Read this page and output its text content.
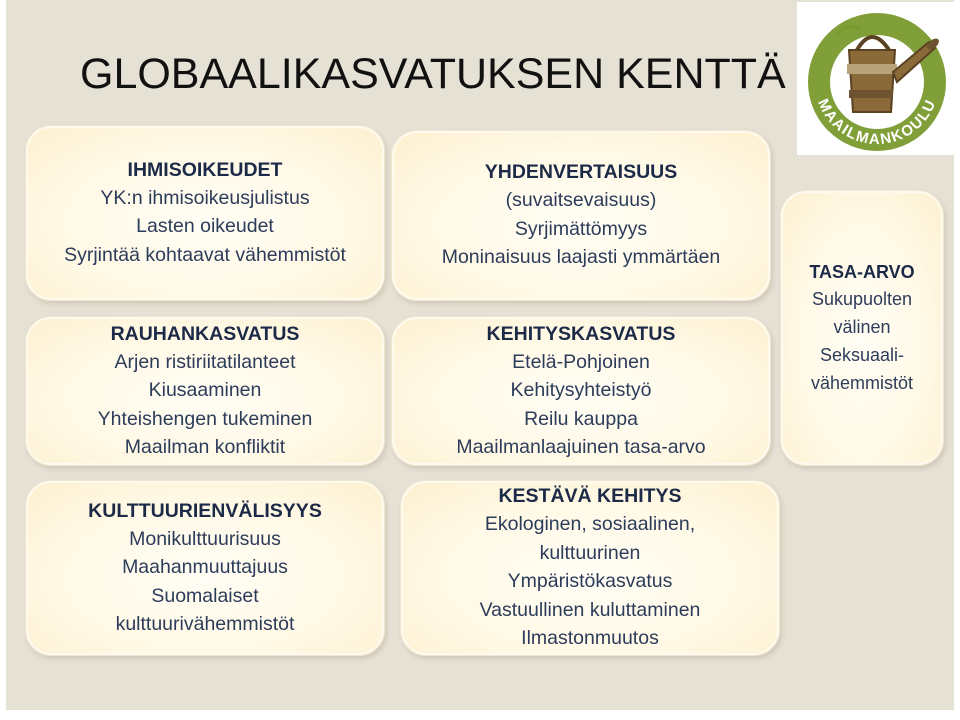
GLOBAALIKASVATUKSEN KENTTÄ
MAAILMANKOULU
IHMISOIKEUDET
YK:n ihmisoikeusjulistus
Lasten oikeudet
Syrjintää kohtaavat vähemmistöt
RAUHANKASVATUS
Arjen ristiriitatilanteet
Kiusaaminen
Yhteishengen tukeminen
Maailman konfliktit
KULTTUURIENVÄLISYYS
Monikulttuurisuus
Maahanmuuttajuus
Suomalaiset
kulttuurivähemmistöt
YHDENVERTAISUUS
(suvaitsevaisuus)
Syrjimättömyys
Moninaisuus laajasti ymmärtäen
KEHITYSKASVATUS
Etelä-Pohjoinen
Kehitysyhteistyö
Reilu kauppa
Maailmanlaajuinen tasa-arvo
KESTÄVÄ KEHITYS
Ekologinen, sosiaalinen,
kulttuurinen
Ympäristökasvatus
Vastuullinen kuluttaminen
Ilmastonmuutos
TASA-ARVO
Sukupuolten
välinen
Seksuaali-
vähemmistöt
